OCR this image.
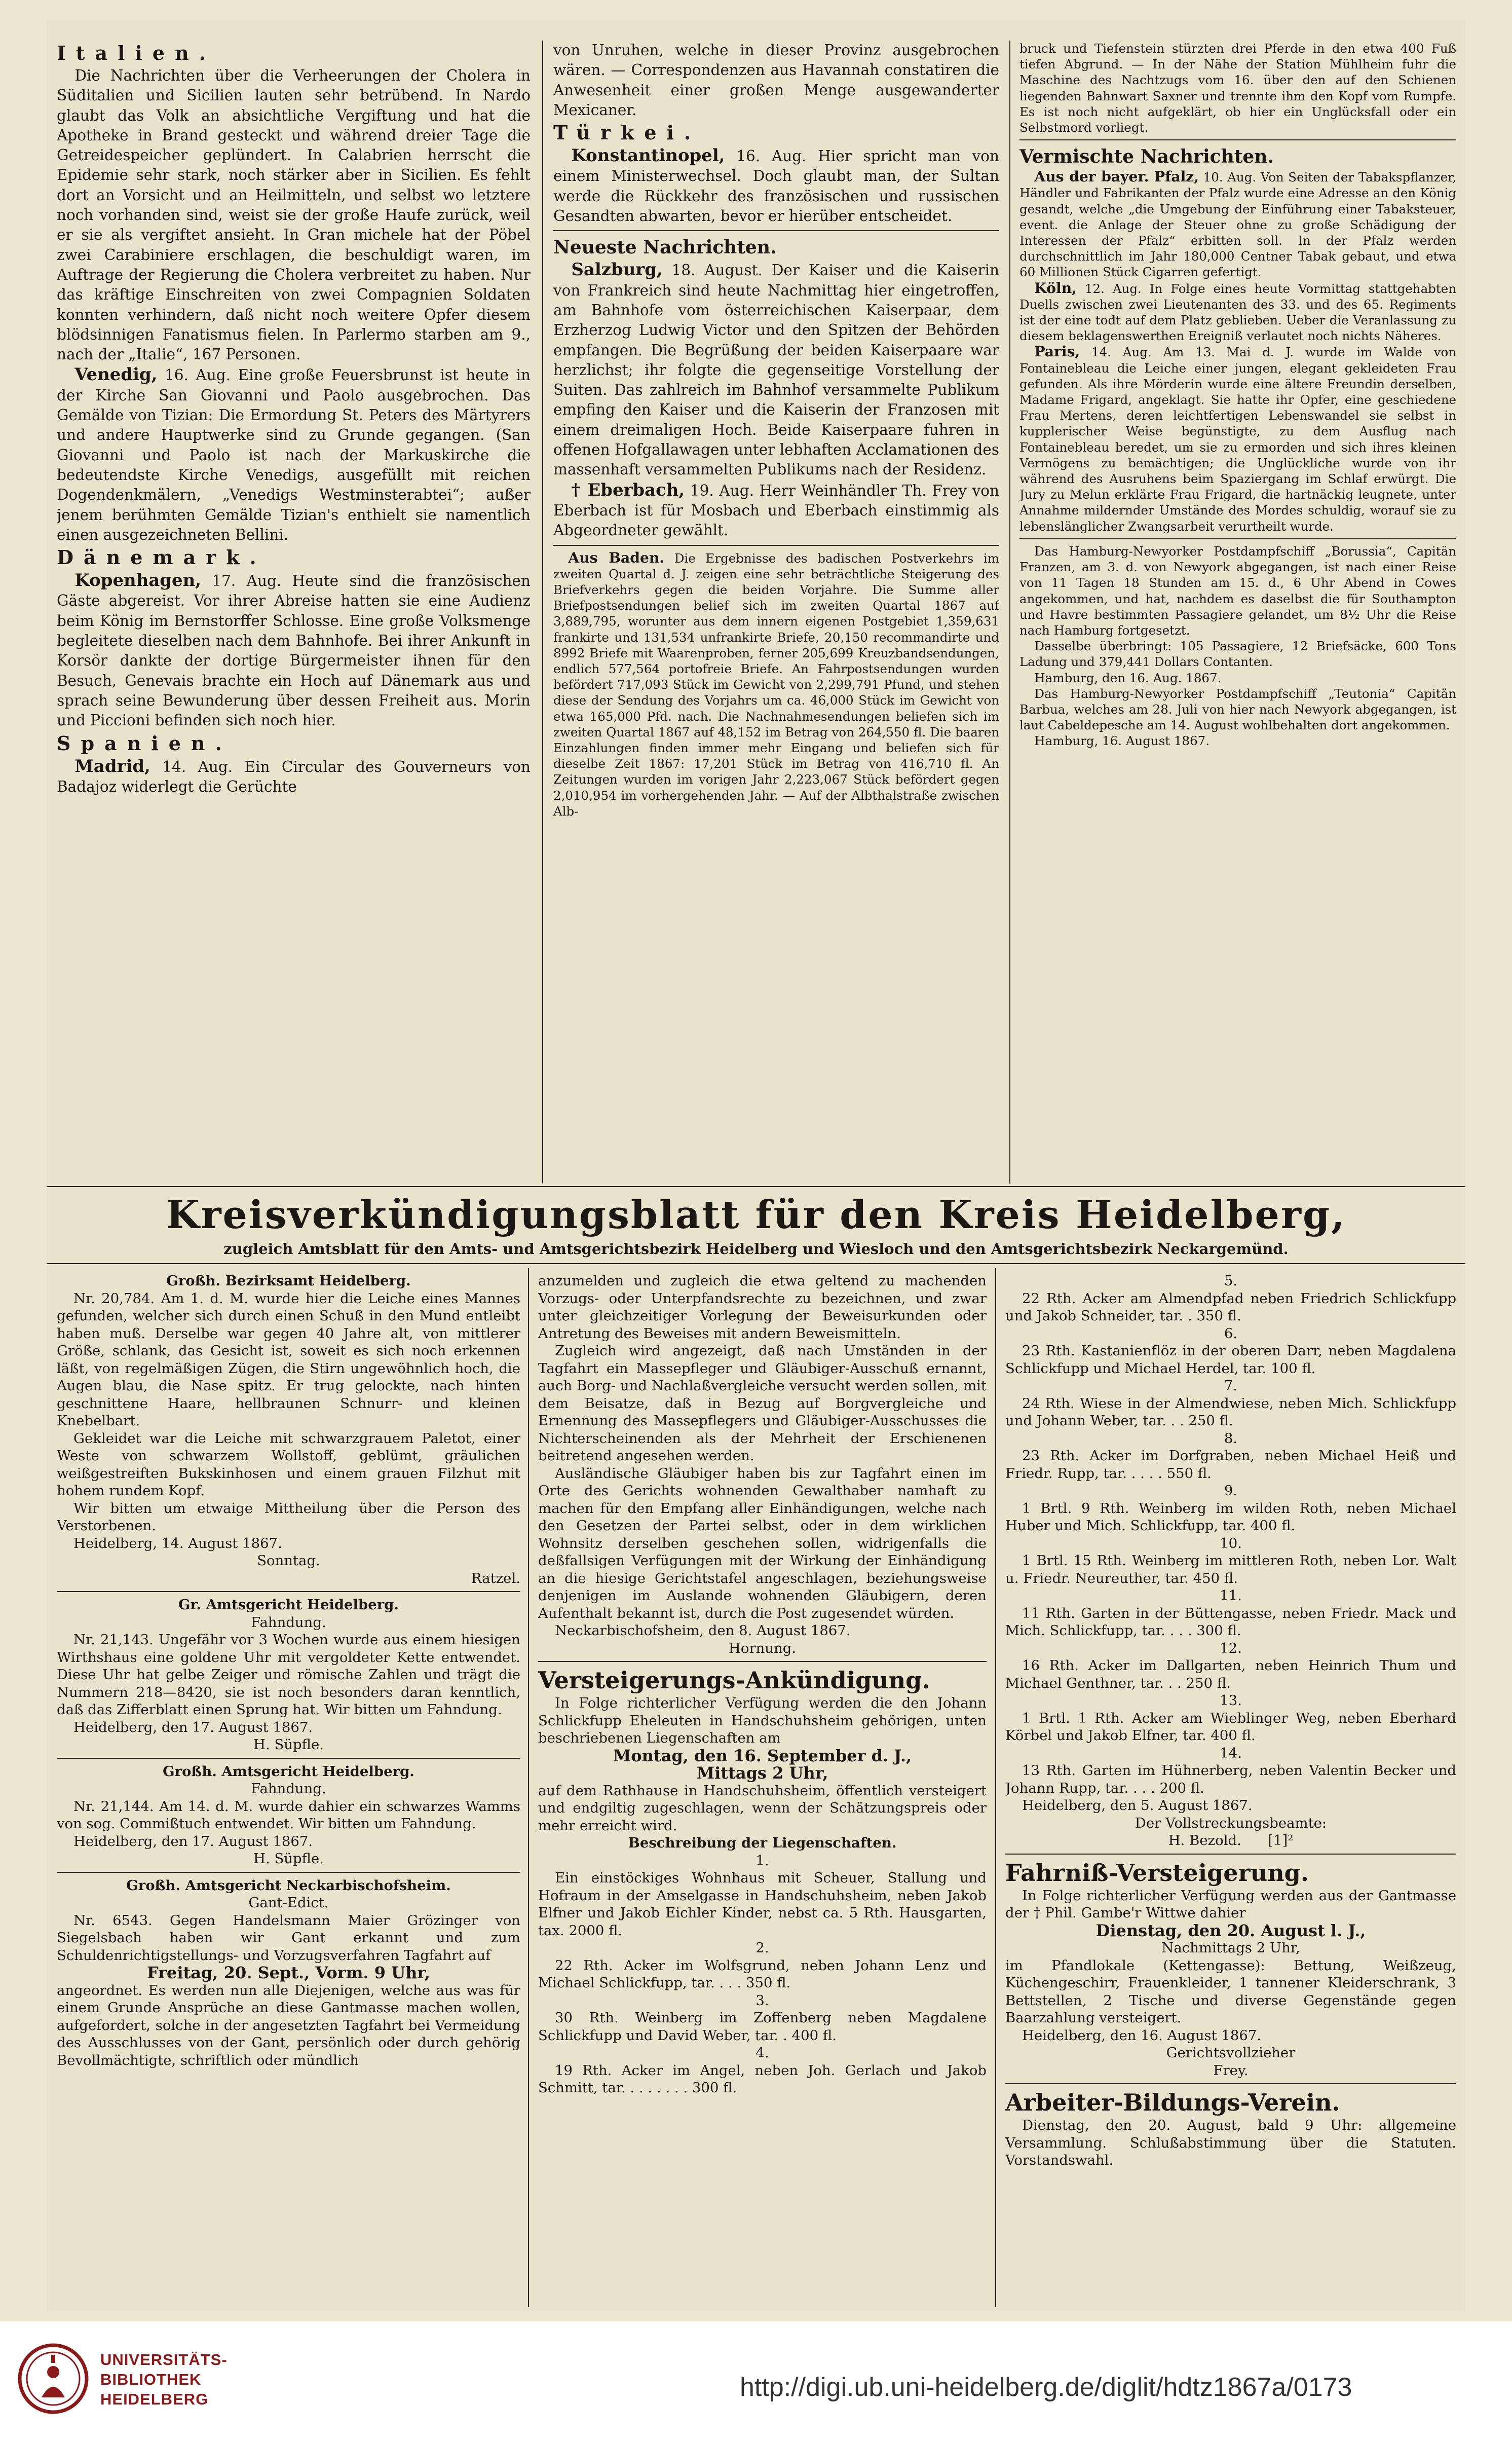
Italien.

Die Nachrichten über die Verheerungen der Cholera in Süditalien und Sicilien lauten sehr betrübend. In Nardo glaubt das Volk an absichtliche Vergiftung und hat die Apotheke in Brand gesteckt und während dreier Tage die Getreidespeicher geplündert. In Calabrien herrscht die Epidemie sehr stark, noch stärker aber in Sicilien. Es fehlt dort an Vorsicht und an Heilmitteln, und selbst wo letztere noch vorhanden sind, weist sie der große Haufe zurück, weil er sie als vergiftet ansieht. In Gran michele hat der Pöbel zwei Carabiniere erschlagen, die beschuldigt waren, im Auftrage der Regierung die Cholera verbreitet zu haben. Nur das kräftige Einschreiten von zwei Compagnien Soldaten konnten verhindern, daß nicht noch weitere Opfer diesem blödsinnigen Fanatismus fielen. In Parlermo starben am 9., nach der „Italie“, 167 Personen.

Venedig, 16. Aug. Eine große Feuersbrunst ist heute in der Kirche San Giovanni und Paolo ausgebrochen. Das Gemälde von Tizian: Die Ermordung St. Peters des Märtyrers und andere Hauptwerke sind zu Grunde gegangen. (San Giovanni und Paolo ist nach der Markuskirche die bedeutendste Kirche Venedigs, ausgefüllt mit reichen Dogendenkmälern, „Venedigs Westminsterabtei“; außer jenem berühmten Gemälde Tizian's enthielt sie namentlich einen ausgezeichneten Bellini.

Dänemark.

Kopenhagen, 17. Aug. Heute sind die französischen Gäste abgereist. Vor ihrer Abreise hatten sie eine Audienz beim König im Bernstorffer Schlosse. Eine große Volksmenge begleitete dieselben nach dem Bahnhofe. Bei ihrer Ankunft in Korsör dankte der dortige Bürgermeister ihnen für den Besuch, Genevais brachte ein Hoch auf Dänemark aus und sprach seine Bewunderung über dessen Freiheit aus. Morin und Piccioni befinden sich noch hier.

Spanien.

Madrid, 14. Aug. Ein Circular des Gouverneurs von Badajoz widerlegt die Gerüchte

von Unruhen, welche in dieser Provinz ausgebrochen wären. — Correspondenzen aus Havannah constatiren die Anwesenheit einer großen Menge ausgewanderter Mexicaner.

Türkei.

Konstantinopel, 16. Aug. Hier spricht man von einem Ministerwechsel. Doch glaubt man, der Sultan werde die Rückkehr des französischen und russischen Gesandten abwarten, bevor er hierüber entscheidet.

Neueste Nachrichten.

Salzburg, 18. August. Der Kaiser und die Kaiserin von Frankreich sind heute Nachmittag hier eingetroffen, am Bahnhofe vom österreichischen Kaiserpaar, dem Erzherzog Ludwig Victor und den Spitzen der Behörden empfangen. Die Begrüßung der beiden Kaiserpaare war herzlichst; ihr folgte die gegenseitige Vorstellung der Suiten. Das zahlreich im Bahnhof versammelte Publikum empfing den Kaiser und die Kaiserin der Franzosen mit einem dreimaligen Hoch. Beide Kaiserpaare fuhren in offenen Hofgallawagen unter lebhaften Acclamationen des massenhaft versammelten Publikums nach der Residenz.

† Eberbach, 19. Aug. Herr Weinhändler Th. Frey von Eberbach ist für Mosbach und Eberbach einstimmig als Abgeordneter gewählt.

Aus Baden. Die Ergebnisse des badischen Postverkehrs im zweiten Quartal d. J. zeigen eine sehr beträchtliche Steigerung des Briefverkehrs gegen die beiden Vorjahre. Die Summe aller Briefpostsendungen belief sich im zweiten Quartal 1867 auf 3,889,795, worunter aus dem innern eigenen Postgebiet 1,359,631 frankirte und 131,534 unfrankirte Briefe, 20,150 recommandirte und 8992 Briefe mit Waarenproben, ferner 205,699 Kreuzbandsendungen, endlich 577,564 portofreie Briefe. An Fahrpostsendungen wurden befördert 717,093 Stück im Gewicht von 2,299,791 Pfund, und stehen diese der Sendung des Vorjahrs um ca. 46,000 Stück im Gewicht von etwa 165,000 Pfd. nach. Die Nachnahmesendungen beliefen sich im zweiten Quartal 1867 auf 48,152 im Betrag von 264,550 fl. Die baaren Einzahlungen finden immer mehr Eingang und beliefen sich für dieselbe Zeit 1867: 17,201 Stück im Betrag von 416,710 fl. An Zeitungen wurden im vorigen Jahr 2,223,067 Stück befördert gegen 2,010,954 im vorhergehenden Jahr. — Auf der Albthalstraße zwischen Alb-

bruck und Tiefenstein stürzten drei Pferde in den etwa 400 Fuß tiefen Abgrund. — In der Nähe der Station Mühlheim fuhr die Maschine des Nachtzugs vom 16. über den auf den Schienen liegenden Bahnwart Saxner und trennte ihm den Kopf vom Rumpfe. Es ist noch nicht aufgeklärt, ob hier ein Unglücksfall oder ein Selbstmord vorliegt.

Vermischte Nachrichten.

Aus der bayer. Pfalz, 10. Aug. Von Seiten der Tabakspflanzer, Händler und Fabrikanten der Pfalz wurde eine Adresse an den König gesandt, welche „die Umgebung der Einführung einer Tabaksteuer, event. die Anlage der Steuer ohne zu große Schädigung der Interessen der Pfalz“ erbitten soll. In der Pfalz werden durchschnittlich im Jahr 180,000 Centner Tabak gebaut, und etwa 60 Millionen Stück Cigarren gefertigt.

Köln, 12. Aug. In Folge eines heute Vormittag stattgehabten Duells zwischen zwei Lieutenanten des 33. und des 65. Regiments ist der eine todt auf dem Platz geblieben. Ueber die Veranlassung zu diesem beklagenswerthen Ereigniß verlautet noch nichts Näheres.

Paris, 14. Aug. Am 13. Mai d. J. wurde im Walde von Fontainebleau die Leiche einer jungen, elegant gekleideten Frau gefunden. Als ihre Mörderin wurde eine ältere Freundin derselben, Madame Frigard, angeklagt. Sie hatte ihr Opfer, eine geschiedene Frau Mertens, deren leichtfertigen Lebenswandel sie selbst in kupplerischer Weise begünstigte, zu dem Ausflug nach Fontainebleau beredet, um sie zu ermorden und sich ihres kleinen Vermögens zu bemächtigen; die Unglückliche wurde von ihr während des Ausruhens beim Spaziergang im Schlaf erwürgt. Die Jury zu Melun erklärte Frau Frigard, die hartnäckig leugnete, unter Annahme mildernder Umstände des Mordes schuldig, worauf sie zu lebenslänglicher Zwangsarbeit verurtheilt wurde.

Das Hamburg-Newyorker Postdampfschiff „Borussia“, Capitän Franzen, am 3. d. von Newyork abgegangen, ist nach einer Reise von 11 Tagen 18 Stunden am 15. d., 6 Uhr Abend in Cowes angekommen, und hat, nachdem es daselbst die für Southampton und Havre bestimmten Passagiere gelandet, um 8½ Uhr die Reise nach Hamburg fortgesetzt.

Dasselbe überbringt: 105 Passagiere, 12 Briefsäcke, 600 Tons Ladung und 379,441 Dollars Contanten.

Hamburg, den 16. Aug. 1867.

Das Hamburg-Newyorker Postdampfschiff „Teutonia“ Capitän Barbua, welches am 28. Juli von hier nach Newyork abgegangen, ist laut Cabeldepesche am 14. August wohlbehalten dort angekommen.

Hamburg, 16. August 1867.

Kreisverkündigungsblatt für den Kreis Heidelberg,

zugleich Amtsblatt für den Amts- und Amtsgerichtsbezirk Heidelberg und Wiesloch und den Amtsgerichtsbezirk Neckargemünd.

Großh. Bezirksamt Heidelberg.

Nr. 20,784. Am 1. d. M. wurde hier die Leiche eines Mannes gefunden, welcher sich durch einen Schuß in den Mund entleibt haben muß. Derselbe war gegen 40 Jahre alt, von mittlerer Größe, schlank, das Gesicht ist, soweit es sich noch erkennen läßt, von regelmäßigen Zügen, die Stirn ungewöhnlich hoch, die Augen blau, die Nase spitz. Er trug gelockte, nach hinten geschnittene Haare, hellbraunen Schnurr- und kleinen Knebelbart.

Gekleidet war die Leiche mit schwarzgrauem Paletot, einer Weste von schwarzem Wollstoff, geblümt, gräulichen weißgestreiften Bukskinhosen und einem grauen Filzhut mit hohem rundem Kopf.

Wir bitten um etwaige Mittheilung über die Person des Verstorbenen.

Heidelberg, 14. August 1867.

Sonntag.

Ratzel.

Gr. Amtsgericht Heidelberg.

Fahndung.

Nr. 21,143. Ungefähr vor 3 Wochen wurde aus einem hiesigen Wirthshaus eine goldene Uhr mit vergoldeter Kette entwendet. Diese Uhr hat gelbe Zeiger und römische Zahlen und trägt die Nummern 218—8420, sie ist noch besonders daran kenntlich, daß das Zifferblatt einen Sprung hat. Wir bitten um Fahndung.

Heidelberg, den 17. August 1867.

H. Süpfle.

Großh. Amtsgericht Heidelberg.

Fahndung.

Nr. 21,144. Am 14. d. M. wurde dahier ein schwarzes Wamms von sog. Commißtuch entwendet. Wir bitten um Fahndung.

Heidelberg, den 17. August 1867.

H. Süpfle.

Großh. Amtsgericht Neckarbischofsheim.

Gant-Edict.

Nr. 6543. Gegen Handelsmann Maier Grözinger von Siegelsbach haben wir Gant erkannt und zum Schuldenrichtigstellungs- und Vorzugsverfahren Tagfahrt auf

Freitag, 20. Sept., Vorm. 9 Uhr,

angeordnet. Es werden nun alle Diejenigen, welche aus was für einem Grunde Ansprüche an diese Gantmasse machen wollen, aufgefordert, solche in der angesetzten Tagfahrt bei Vermeidung des Ausschlusses von der Gant, persönlich oder durch gehörig Bevollmächtigte, schriftlich oder mündlich

anzumelden und zugleich die etwa geltend zu machenden Vorzugs- oder Unterpfandsrechte zu bezeichnen, und zwar unter gleichzeitiger Vorlegung der Beweisurkunden oder Antretung des Beweises mit andern Beweismitteln.

Zugleich wird angezeigt, daß nach Umständen in der Tagfahrt ein Massepfleger und Gläubiger-Ausschuß ernannt, auch Borg- und Nachlaßvergleiche versucht werden sollen, mit dem Beisatze, daß in Bezug auf Borgvergleiche und Ernennung des Massepflegers und Gläubiger-Ausschusses die Nichterscheinenden als der Mehrheit der Erschienenen beitretend angesehen werden.

Ausländische Gläubiger haben bis zur Tagfahrt einen im Orte des Gerichts wohnenden Gewalthaber namhaft zu machen für den Empfang aller Einhändigungen, welche nach den Gesetzen der Partei selbst, oder in dem wirklichen Wohnsitz derselben geschehen sollen, widrigenfalls die deßfallsigen Verfügungen mit der Wirkung der Einhändigung an die hiesige Gerichtstafel angeschlagen, beziehungsweise denjenigen im Auslande wohnenden Gläubigern, deren Aufenthalt bekannt ist, durch die Post zugesendet würden.

Neckarbischofsheim, den 8. August 1867.

Hornung.

Versteigerungs-Ankündigung.

In Folge richterlicher Verfügung werden die den Johann Schlickfupp Eheleuten in Handschuhsheim gehörigen, unten beschriebenen Liegenschaften am

Montag, den 16. September d. J.,

Mittags 2 Uhr,

auf dem Rathhause in Handschuhsheim, öffentlich versteigert und endgiltig zugeschlagen, wenn der Schätzungspreis oder mehr erreicht wird.

Beschreibung der Liegenschaften.

1.

Ein einstöckiges Wohnhaus mit Scheuer, Stallung und Hofraum in der Amselgasse in Handschuhsheim, neben Jakob Elfner und Jakob Eichler Kinder, nebst ca. 5 Rth. Hausgarten, tax. 2000 fl.

2.

22 Rth. Acker im Wolfsgrund, neben Johann Lenz und Michael Schlickfupp, tar. . . . 350 fl.

3.

30 Rth. Weinberg im Zoffenberg neben Magdalene Schlickfupp und David Weber, tar. . 400 fl.

4.

19 Rth. Acker im Angel, neben Joh. Gerlach und Jakob Schmitt, tar. . . . . . . . 300 fl.

5.

22 Rth. Acker am Almendpfad neben Friedrich Schlickfupp und Jakob Schneider, tar. . 350 fl.

6.

23 Rth. Kastanienflöz in der oberen Darr, neben Magdalena Schlickfupp und Michael Herdel, tar. 100 fl.

7.

24 Rth. Wiese in der Almendwiese, neben Mich. Schlickfupp und Johann Weber, tar. . . 250 fl.

8.

23 Rth. Acker im Dorfgraben, neben Michael Heiß und Friedr. Rupp, tar. . . . . 550 fl.

9.

1 Brtl. 9 Rth. Weinberg im wilden Roth, neben Michael Huber und Mich. Schlickfupp, tar. 400 fl.

10.

1 Brtl. 15 Rth. Weinberg im mittleren Roth, neben Lor. Walt u. Friedr. Neureuther, tar. 450 fl.

11.

11 Rth. Garten in der Büttengasse, neben Friedr. Mack und Mich. Schlickfupp, tar. . . . 300 fl.

12.

16 Rth. Acker im Dallgarten, neben Heinrich Thum und Michael Genthner, tar. . . 250 fl.

13.

1 Brtl. 1 Rth. Acker am Wieblinger Weg, neben Eberhard Körbel und Jakob Elfner, tar. 400 fl.

14.

13 Rth. Garten im Hühnerberg, neben Valentin Becker und Johann Rupp, tar. . . . 200 fl.

Heidelberg, den 5. August 1867.

Der Vollstreckungsbeamte:

H. Bezold. [1]²

Fahrniß-Versteigerung.

In Folge richterlicher Verfügung werden aus der Gantmasse der † Phil. Gambe'r Wittwe dahier

Dienstag, den 20. August l. J.,

Nachmittags 2 Uhr,

im Pfandlokale (Kettengasse): Bettung, Weißzeug, Küchengeschirr, Frauenkleider, 1 tannener Kleiderschrank, 3 Bettstellen, 2 Tische und diverse Gegenstände gegen Baarzahlung versteigert.

Heidelberg, den 16. August 1867.

Gerichtsvollzieher

Frey.

Arbeiter-Bildungs-Verein.

Dienstag, den 20. August, bald 9 Uhr: allgemeine Versammlung. Schlußabstimmung über die Statuten. Vorstandswahl.

UNIVERSITÄTS-
BIBLIOTHEK
HEIDELBERG	http://digi.ub.uni-heidelberg.de/diglit/hdtz1867a/0173
